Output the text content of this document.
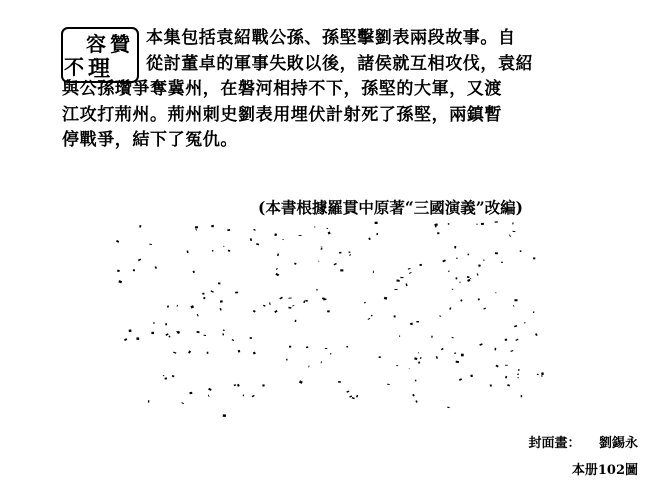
容 贊
不 理
本集包括袁紹戰公孫、孫堅擊劉表兩段故事。自
從討董卓的軍事失敗以後，諸侯就互相攻伐，袁紹
與公孫瓚爭奪冀州，在磐河相持不下，孫堅的大軍，又渡
江攻打荊州。荊州刺史劉表用埋伏計射死了孫堅，兩鎮暫
停戰爭，結下了冤仇。
(本書根據羅貫中原著“三國演義”改編)
封面畫： 劉錫永
本册102圖
